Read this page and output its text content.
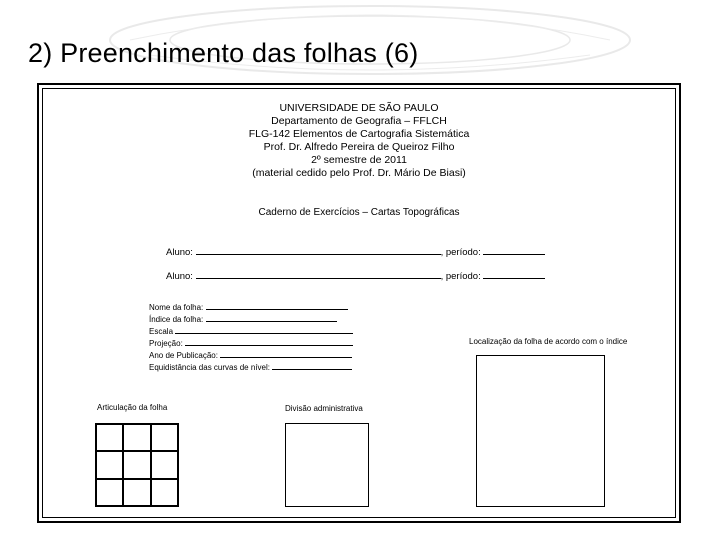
2) Preenchimento das folhas (6)
UNIVERSIDADE DE SÃO PAULO
Departamento de Geografia – FFLCH
FLG-142 Elementos de Cartografia Sistemática
Prof. Dr. Alfredo Pereira de Queiroz Filho
2º semestre de 2011
(material cedido pelo Prof. Dr. Mário De Biasi)
Caderno de Exercícios – Cartas Topográficas
Aluno:	, período:
Aluno:	, período:
Nome da folha:
Índice da folha:
Escala
Projeção:
Ano de Publicação:
Equidistância das curvas de nível:
Localização da folha de acordo com o índice
Articulação da folha	Divisão administrativa
